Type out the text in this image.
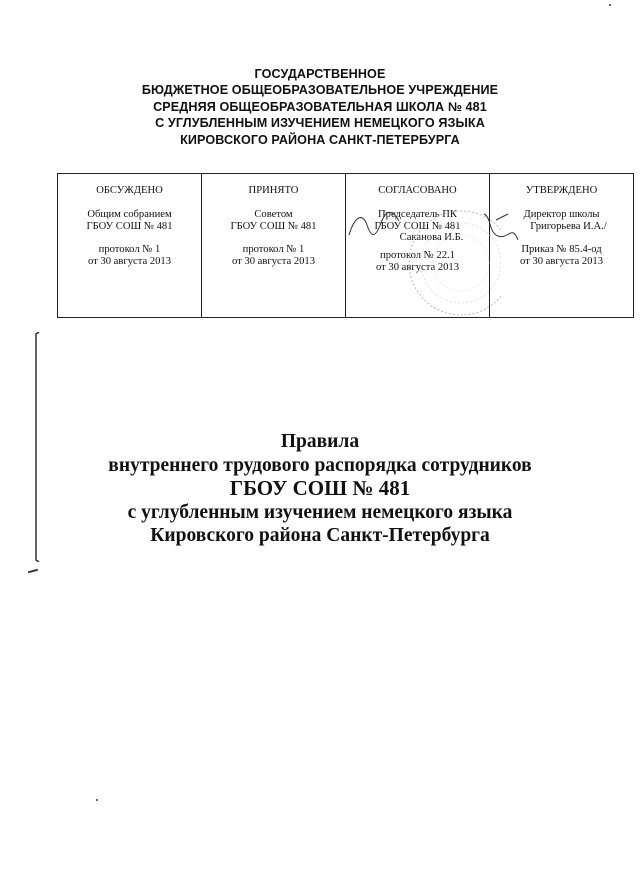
ГОСУДАРСТВЕННОЕ
БЮДЖЕТНОЕ ОБЩЕОБРАЗОВАТЕЛЬНОЕ УЧРЕЖДЕНИЕ
СРЕДНЯЯ ОБЩЕОБРАЗОВАТЕЛЬНАЯ ШКОЛА № 481
С УГЛУБЛЕННЫМ ИЗУЧЕНИЕМ НЕМЕЦКОГО ЯЗЫКА
КИРОВСКОГО РАЙОНА САНКТ-ПЕТЕРБУРГА
ОБСУЖДЕНО
Общим собранием
ГБОУ СОШ № 481
протокол № 1
от 30 августа 2013
ПРИНЯТО
Советом
ГБОУ СОШ № 481
протокол № 1
от 30 августа 2013
СОГЛАСОВАНО
Председатель ПК
ГБОУ СОШ № 481
Саканова И.Б.
протокол № 22.1
от 30 августа 2013
УТВЕРЖДЕНО
Директор школы
Григорьева И.А./
Приказ № 85.4-од
от 30 августа 2013
Правила
внутреннего трудового распорядка сотрудников
ГБОУ СОШ № 481
с углубленным изучением немецкого языка
Кировского района Санкт-Петербурга
